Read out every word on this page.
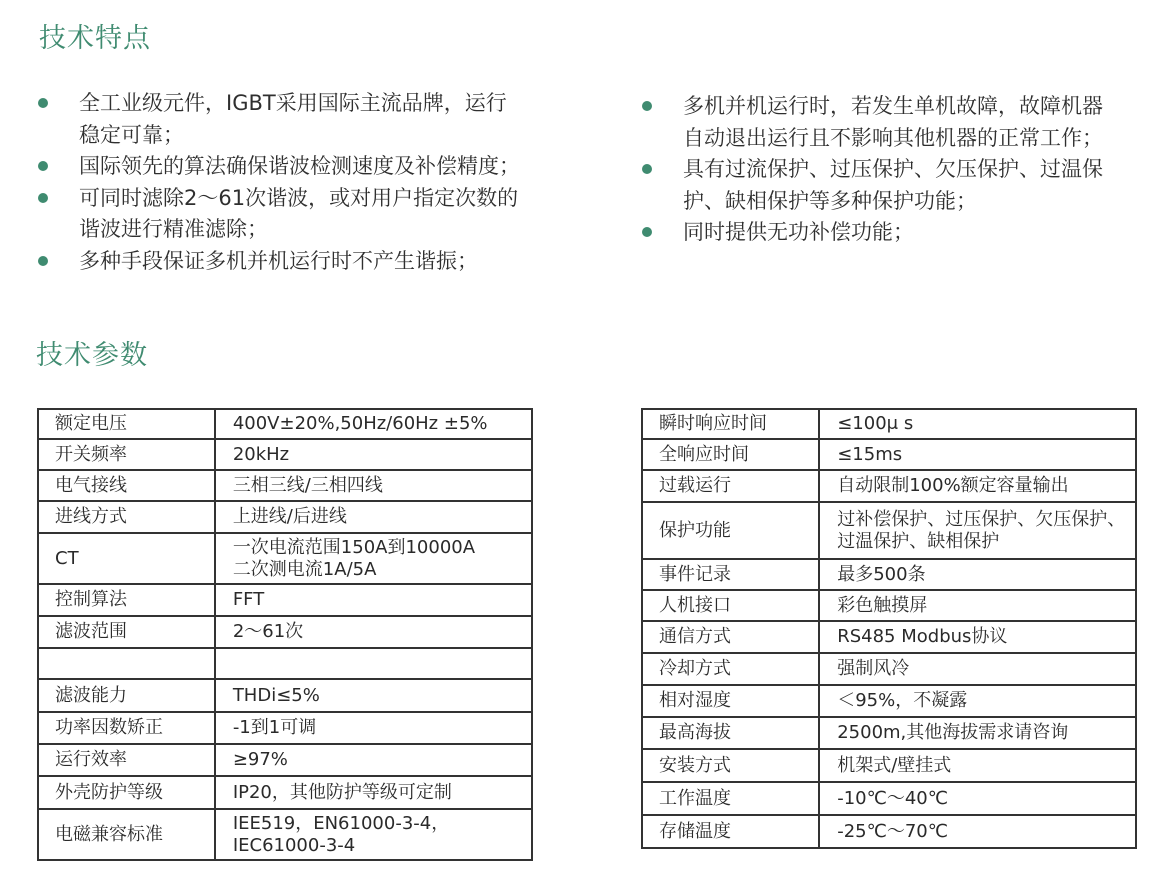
技术特点
全工业级元件，IGBT采用国际主流品牌，运行
稳定可靠；
国际领先的算法确保谐波检测速度及补偿精度；
可同时滤除2～61次谐波，或对用户指定次数的
谐波进行精准滤除；
多种手段保证多机并机运行时不产生谐振；
多机并机运行时，若发生单机故障，故障机器
自动退出运行且不影响其他机器的正常工作；
具有过流保护、过压保护、欠压保护、过温保
护、缺相保护等多种保护功能；
同时提供无功补偿功能；
技术参数
额定电压	400V±20%,50Hz/60Hz ±5%

开关频率	20kHz

电气接线	三相三线/三相四线

进线方式	上进线/后进线

CT	一次电流范围150A到10000A
二次测电流1A/5A

控制算法	FFT

滤波范围	2～61次

滤波能力	THDi≤5%

功率因数矫正	-1到1可调

运行效率	≥97%

外壳防护等级	IP20，其他防护等级可定制

电磁兼容标准	IEE519，EN61000-3-4，
IEC61000-3-4
瞬时响应时间	≤100μ s

全响应时间	≤15ms

过载运行	自动限制100%额定容量输出

保护功能	过补偿保护、过压保护、欠压保护、
过温保护、缺相保护

事件记录	最多500条

人机接口	彩色触摸屏

通信方式	RS485 Modbus协议

冷却方式	强制风冷

相对湿度	＜95%，不凝露

最高海拔	2500m,其他海拔需求请咨询

安装方式	机架式/壁挂式

工作温度	-10℃～40℃

存储温度	-25℃～70℃
